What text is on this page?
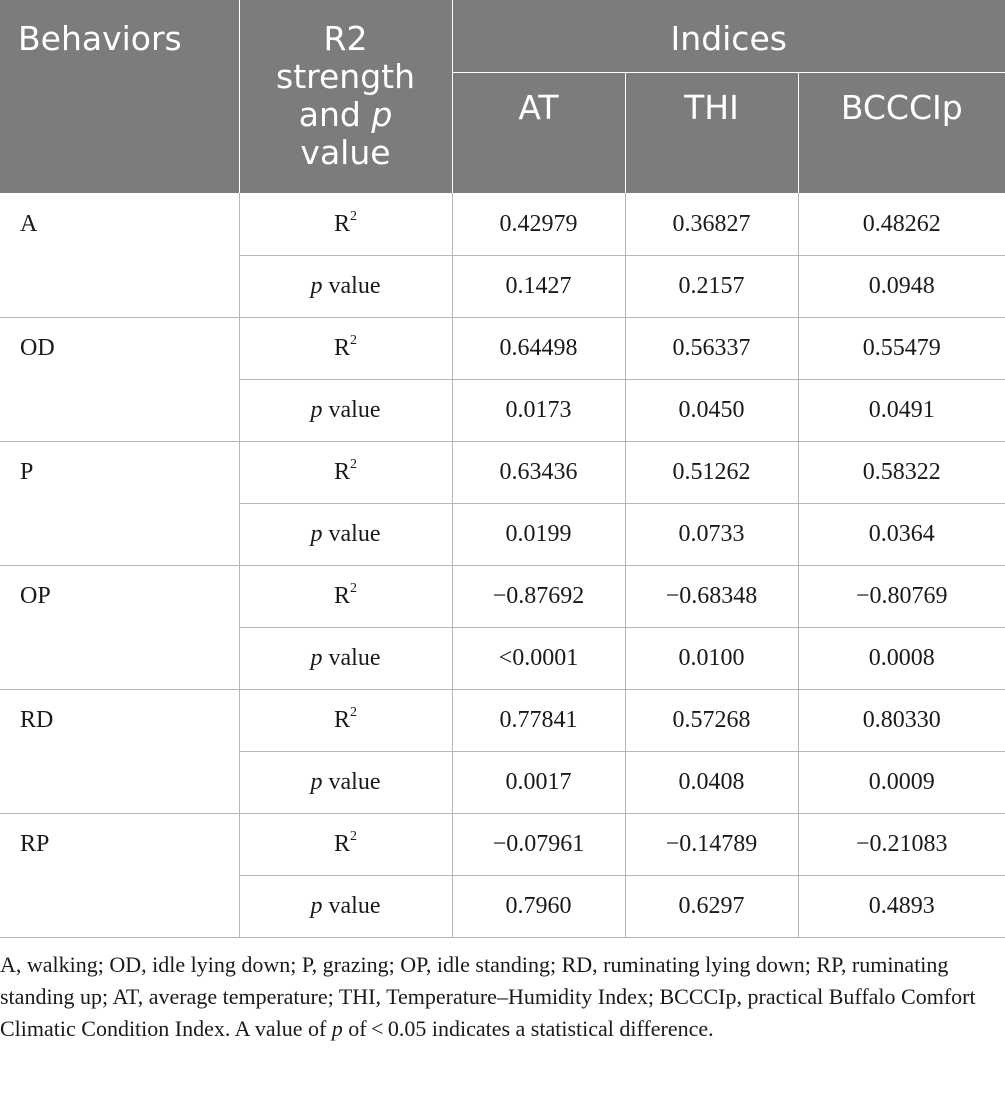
Behaviors	R2
strength
and p
value	Indices		
		AT	THI	BCCCIp
A	$R^2$	0.42979	0.36827	0.48262
	p value	0.1427	0.2157	0.0948
OD	$R^2$	0.64498	0.56337	0.55479
	p value	0.0173	0.0450	0.0491
P	$R^2$	0.63436	0.51262	0.58322
	p value	0.0199	0.0733	0.0364
OP	$R^2$	−0.87692	−0.68348	−0.80769
	p value	<0.0001	0.0100	0.0008
RD	$R^2$	0.77841	0.57268	0.80330
	p value	0.0017	0.0408	0.0009
RP	$R^2$	−0.07961	−0.14789	−0.21083
	p value	0.7960	0.6297	0.4893
A, walking; OD, idle lying down; P, grazing; OP, idle standing; RD, ruminating lying down; RP, ruminating standing up; AT, average temperature; THI, Temperature–Humidity Index; BCCCIp, practical Buffalo Comfort Climatic Condition Index. A value of p of < 0.05 indicates a statistical difference.
